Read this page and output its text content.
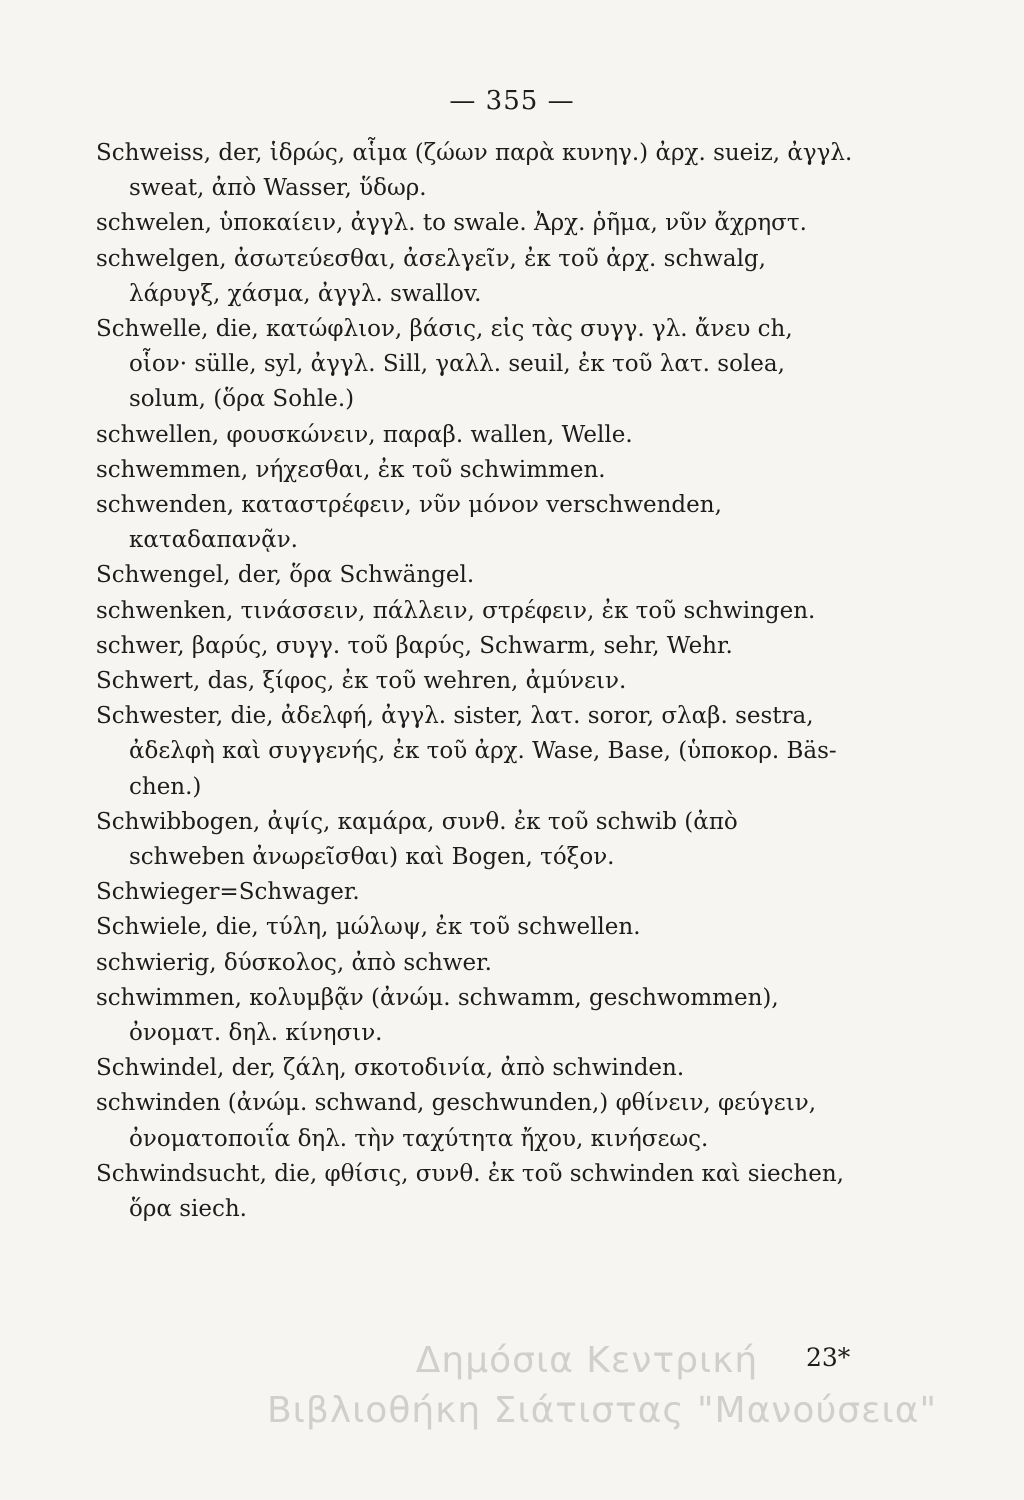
— 355 —

Schweiss, der, ἱδρώς, αἷμα (ζώων παρὰ κυνηγ.) ἀρχ. sueiz, ἀγγλ. sweat, ἀπὸ Wasser, ὕδωρ.

schwelen, ὑποκαίειν, ἀγγλ. to swale. Ἀρχ. ῥῆμα, νῦν ἄχρηστ.

schwelgen, ἀσωτεύεσθαι, ἀσελγεῖν, ἐκ τοῦ ἀρχ. schwalg, λάρυγξ, χάσμα, ἀγγλ. swallov.

Schwelle, die, κατώφλιον, βάσις, εἰς τὰς συγγ. γλ. ἄνευ ch, οἷον· sülle, syl, ἀγγλ. Sill, γαλλ. seuil, ἐκ τοῦ λατ. solea, solum, (ὅρα Sohle.)

schwellen, φουσκώνειν, παραβ. wallen, Welle.

schwemmen, νήχεσθαι, ἐκ τοῦ schwimmen.

schwenden, καταστρέφειν, νῦν μόνον verschwenden, καταδαπανᾷν.

Schwengel, der, ὅρα Schwängel.

schwenken, τινάσσειν, πάλλειν, στρέφειν, ἐκ τοῦ schwingen.

schwer, βαρύς, συγγ. τοῦ βαρύς, Schwarm, sehr, Wehr.

Schwert, das, ξίφος, ἐκ τοῦ wehren, ἀμύνειν.

Schwester, die, ἀδελφή, ἀγγλ. sister, λατ. soror, σλαβ. sestra, ἀδελφὴ καὶ συγγενής, ἐκ τοῦ ἀρχ. Wase, Base, (ὑποκορ. Bäs-chen.)

Schwibbogen, ἀψίς, καμάρα, συνθ. ἐκ τοῦ schwib (ἀπὸ schweben ἀνωρεῖσθαι) καὶ Bogen, τόξον.

Schwieger=Schwager.

Schwiele, die, τύλη, μώλωψ, ἐκ τοῦ schwellen.

schwierig, δύσκολος, ἀπὸ schwer.

schwimmen, κολυμβᾷν (ἀνώμ. schwamm, geschwommen), ὀνοματ. δηλ. κίνησιν.

Schwindel, der, ζάλη, σκοτοδινία, ἀπὸ schwinden.

schwinden (ἀνώμ. schwand, geschwunden,) φθίνειν, φεύγειν, ὀνοματοποιΐα δηλ. τὴν ταχύτητα ἤχου, κινήσεως.

Schwindsucht, die, φθίσις, συνθ. ἐκ τοῦ schwinden καὶ siechen, ὅρα siech.

23*
Δημόσια Κεντρική
Βιβλιοθήκη Σιάτιστας "Μανούσεια"
